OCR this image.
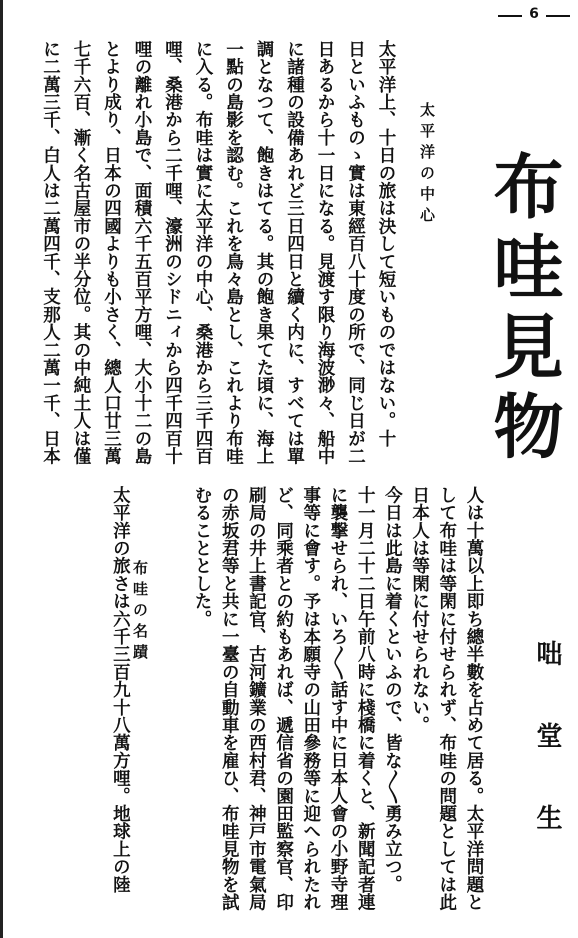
6
布哇見物
咄堂生
太平洋の中心
布哇の名蹟
太平洋上、十日の旅は決して短いものではない。十
日といふものゝ實は東經百八十度の所で、同じ日が二
日あるから十一日になる。見渡す限り海波渺々、船中
に諸種の設備あれど三日四日と續く内に、すべては單
調となつて、飽きはてる。其の飽き果てた頃に、海上
一點の島影を認む。これを鳥々島とし、これより布哇
に入る。布哇は實に太平洋の中心、桑港から三千四百
哩、桑港から二千哩、濠洲のシドニィから四千四百十
哩の離れ小島で、面積六千五百平方哩、大小十二の島
とより成り、日本の四國よりも小さく、總人口廿三萬
七千六百、漸く名古屋市の半分位。其の中純土人は僅
に二萬三千、白人は二萬四千、支那人二萬一千、日本
人は十萬以上即ち總半數を占めて居る。太平洋問題と
して布哇は等閑に付せられず、布哇の問題としては此
日本人は等閑に付せられない。
今日は此島に着くといふので、皆な〳〵勇み立つ。
十一月二十二日午前八時に棧橋に着くと、新聞記者連
に襲撃せられ、いろ〳〵話す中に日本人會の小野寺理
事等に會す。予は本願寺の山田參務等に迎へられたれ
ど、同乘者との約もあれば、遞信省の園田監察官、印
刷局の井上書記官、古河鑛業の西村君、神戸市電氣局
の赤坂君等と共に一臺の自動車を雇ひ、布哇見物を試
むることとした。
太平洋の旅さは六千三百九十八萬方哩。地球上の陸
